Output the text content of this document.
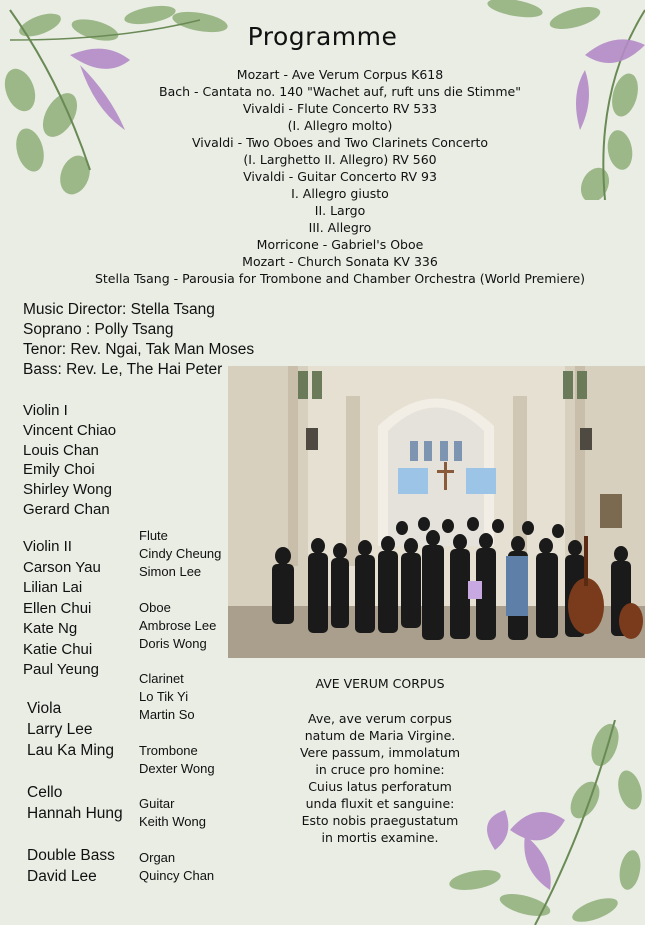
Programme
Mozart - Ave Verum Corpus K618
Bach - Cantata no. 140 "Wachet auf, ruft uns die Stimme"
Vivaldi - Flute Concerto RV 533
(I. Allegro molto)
Vivaldi - Two Oboes and Two Clarinets Concerto
(I. Larghetto II. Allegro) RV 560
Vivaldi - Guitar Concerto RV 93
I. Allegro giusto
II. Largo
III. Allegro
Morricone - Gabriel's Oboe
Mozart - Church Sonata KV 336
Stella Tsang - Parousia for Trombone and Chamber Orchestra (World Premiere)
Music Director: Stella Tsang
Soprano : Polly Tsang
Tenor: Rev. Ngai, Tak Man Moses
Bass: Rev. Le, The Hai Peter
Violin I
Vincent Chiao
Louis Chan
Emily Choi
Shirley Wong
Gerard Chan
Violin II
Carson Yau
Lilian Lai
Ellen Chui
Kate Ng
Katie Chui
Paul Yeung
Viola
Larry Lee
Lau Ka Ming
Cello
Hannah Hung
Double Bass
David Lee
Flute
Cindy Cheung
Simon Lee
Oboe
Ambrose Lee
Doris Wong
Clarinet
Lo Tik Yi
Martin So
Trombone
Dexter Wong
Guitar
Keith Wong
Organ
Quincy Chan
AVE VERUM CORPUS
Ave, ave verum corpus
natum de Maria Virgine.
Vere passum, immolatum
in cruce pro homine:
Cuius latus perforatum
unda fluxit et sanguine:
Esto nobis praegustatum
in mortis examine.
